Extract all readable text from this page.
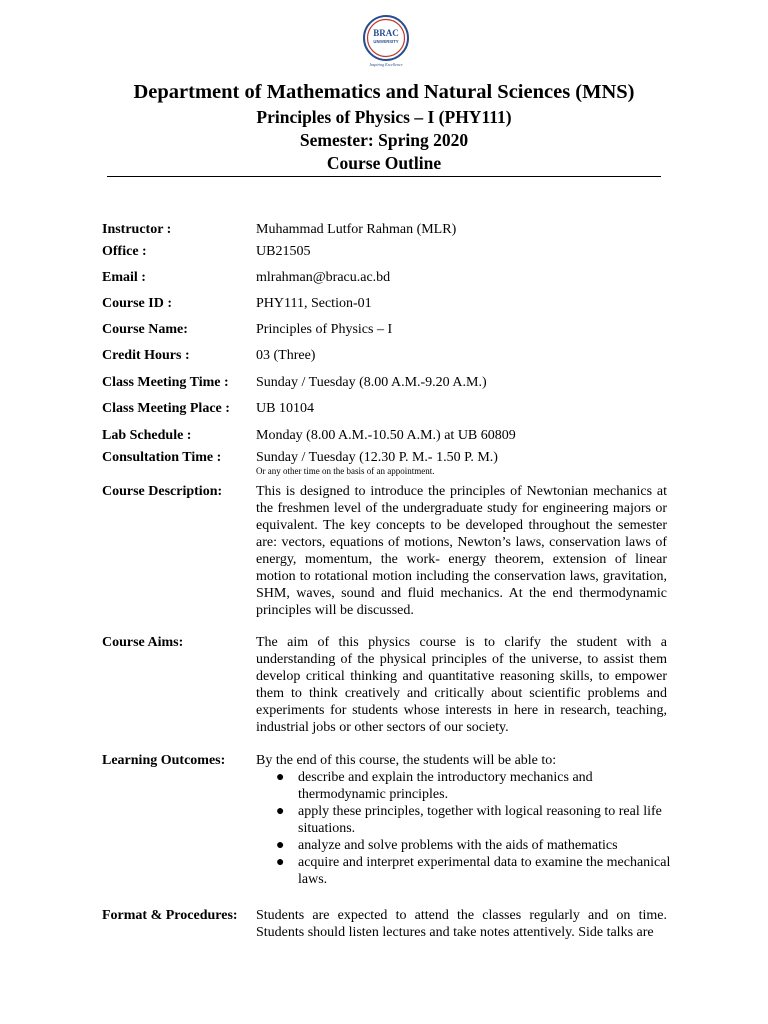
BRAC
UNIVERSITY
Inspiring Excellence
Department of Mathematics and Natural Sciences (MNS)
Principles of Physics – I (PHY111)
Semester: Spring 2020
Course Outline
Instructor :	Muhammad Lutfor Rahman (MLR)
Office :	UB21505
Email :	mlrahman@bracu.ac.bd
Course ID :	PHY111, Section-01
Course Name:	Principles of Physics – I
Credit Hours :	03 (Three)
Class Meeting Time :	Sunday / Tuesday (8.00 A.M.-9.20 A.M.)
Class Meeting Place :	UB 10104
Lab Schedule :	Monday (8.00 A.M.-10.50 A.M.) at UB 60809
Consultation Time :	Sunday / Tuesday (12.30 P. M.- 1.50 P. M.)
Or any other time on the basis of an appointment.
Course Description:	This is designed to introduce the principles of Newtonian mechanics at the freshmen level of the undergraduate study for engineering majors or equivalent. The key concepts to be developed throughout the semester are: vectors, equations of motions, Newton’s laws, conservation laws of energy, momentum, the work- energy theorem, extension of linear motion to rotational motion including the conservation laws, gravitation, SHM, waves, sound and fluid mechanics. At the end thermodynamic principles will be discussed.
Course Aims:	The aim of this physics course is to clarify the student with a understanding of the physical principles of the universe, to assist them develop critical thinking and quantitative reasoning skills, to empower them to think creatively and critically about scientific problems and experiments for students whose interests in here in research, teaching, industrial jobs or other sectors of our society.
Learning Outcomes:	By the end of this course, the students will be able to:
● describe and explain the introductory mechanics and thermodynamic principles.
● apply these principles, together with logical reasoning to real life situations.
● analyze and solve problems with the aids of mathematics
● acquire and interpret experimental data to examine the mechanical laws.
Format & Procedures:	Students are expected to attend the classes regularly and on time. Students should listen lectures and take notes attentively. Side talks are
